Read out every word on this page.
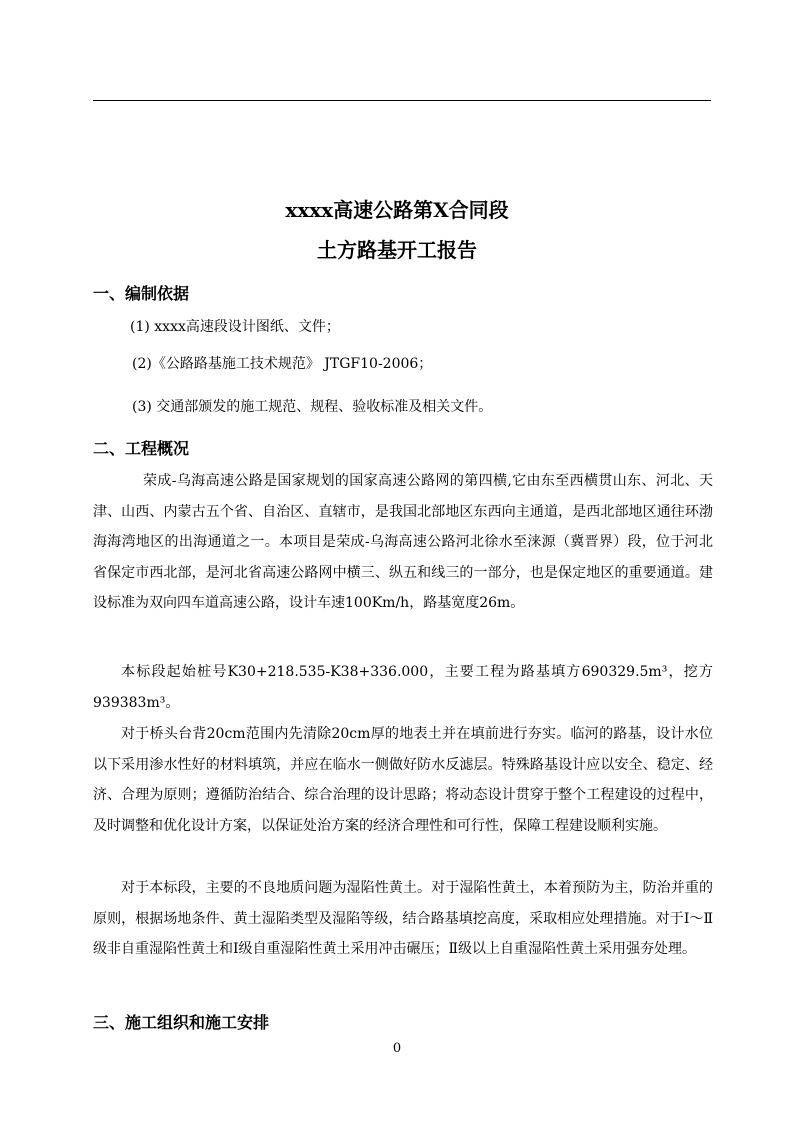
xxxx高速公路第X合同段
土方路基开工报告
一、编制依据
(1) xxxx高速段设计图纸、文件；
(2)《公路路基施工技术规范》 JTGF10-2006；
(3) 交通部颁发的施工规范、规程、验收标准及相关文件。
二、工程概况

荣成-乌海高速公路是国家规划的国家高速公路网的第四横,它由东至西横贯山东、河北、天津、山西、内蒙古五个省、自治区、直辖市，是我国北部地区东西向主通道，是西北部地区通往环渤海海湾地区的出海通道之一。本项目是荣成-乌海高速公路河北徐水至涞源（冀晋界）段，位于河北省保定市西北部，是河北省高速公路网中横三、纵五和线三的一部分，也是保定地区的重要通道。建设标准为双向四车道高速公路，设计车速100Km/h，路基宽度26m。

本标段起始桩号K30+218.535-K38+336.000，主要工程为路基填方690329.5m³，挖方939383m³。

对于桥头台背20cm范围内先清除20cm厚的地表土并在填前进行夯实。临河的路基，设计水位以下采用渗水性好的材料填筑，并应在临水一侧做好防水反滤层。特殊路基设计应以安全、稳定、经济、合理为原则；遵循防治结合、综合治理的设计思路；将动态设计贯穿于整个工程建设的过程中，及时调整和优化设计方案，以保证处治方案的经济合理性和可行性，保障工程建设顺利实施。

对于本标段，主要的不良地质问题为湿陷性黄土。对于湿陷性黄土，本着预防为主，防治并重的原则，根据场地条件、黄土湿陷类型及湿陷等级，结合路基填挖高度，采取相应处理措施。对于Ⅰ～Ⅱ级非自重湿陷性黄土和Ⅰ级自重湿陷性黄土采用冲击碾压；Ⅱ级以上自重湿陷性黄土采用强夯处理。

三、施工组织和施工安排
0
